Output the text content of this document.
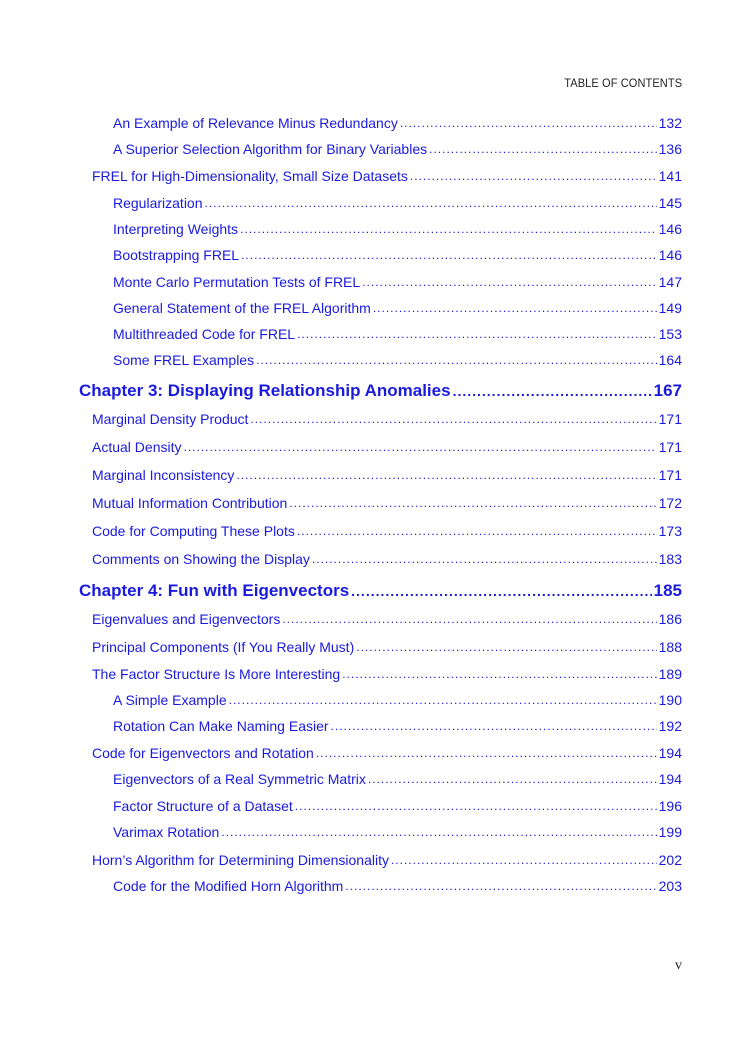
TABLE OF CONTENTS
An Example of Relevance Minus Redundancy .....	132
A Superior Selection Algorithm for Binary Variables .....	136
FREL for High-Dimensionality, Small Size Datasets .....	141
Regularization .....	145
Interpreting Weights .....	146
Bootstrapping FREL .....	146
Monte Carlo Permutation Tests of FREL .....	147
General Statement of the FREL Algorithm .....	149
Multithreaded Code for FREL .....	153
Some FREL Examples .....	164
Chapter 3: Displaying Relationship Anomalies .....	167
Marginal Density Product .....	171
Actual Density .....	171
Marginal Inconsistency .....	171
Mutual Information Contribution .....	172
Code for Computing These Plots .....	173
Comments on Showing the Display .....	183
Chapter 4: Fun with Eigenvectors .....	185
Eigenvalues and Eigenvectors .....	186
Principal Components (If You Really Must) .....	188
The Factor Structure Is More Interesting .....	189
A Simple Example .....	190
Rotation Can Make Naming Easier .....	192
Code for Eigenvectors and Rotation .....	194
Eigenvectors of a Real Symmetric Matrix .....	194
Factor Structure of a Dataset .....	196
Varimax Rotation .....	199
Horn’s Algorithm for Determining Dimensionality .....	202
Code for the Modified Horn Algorithm .....	203
v
